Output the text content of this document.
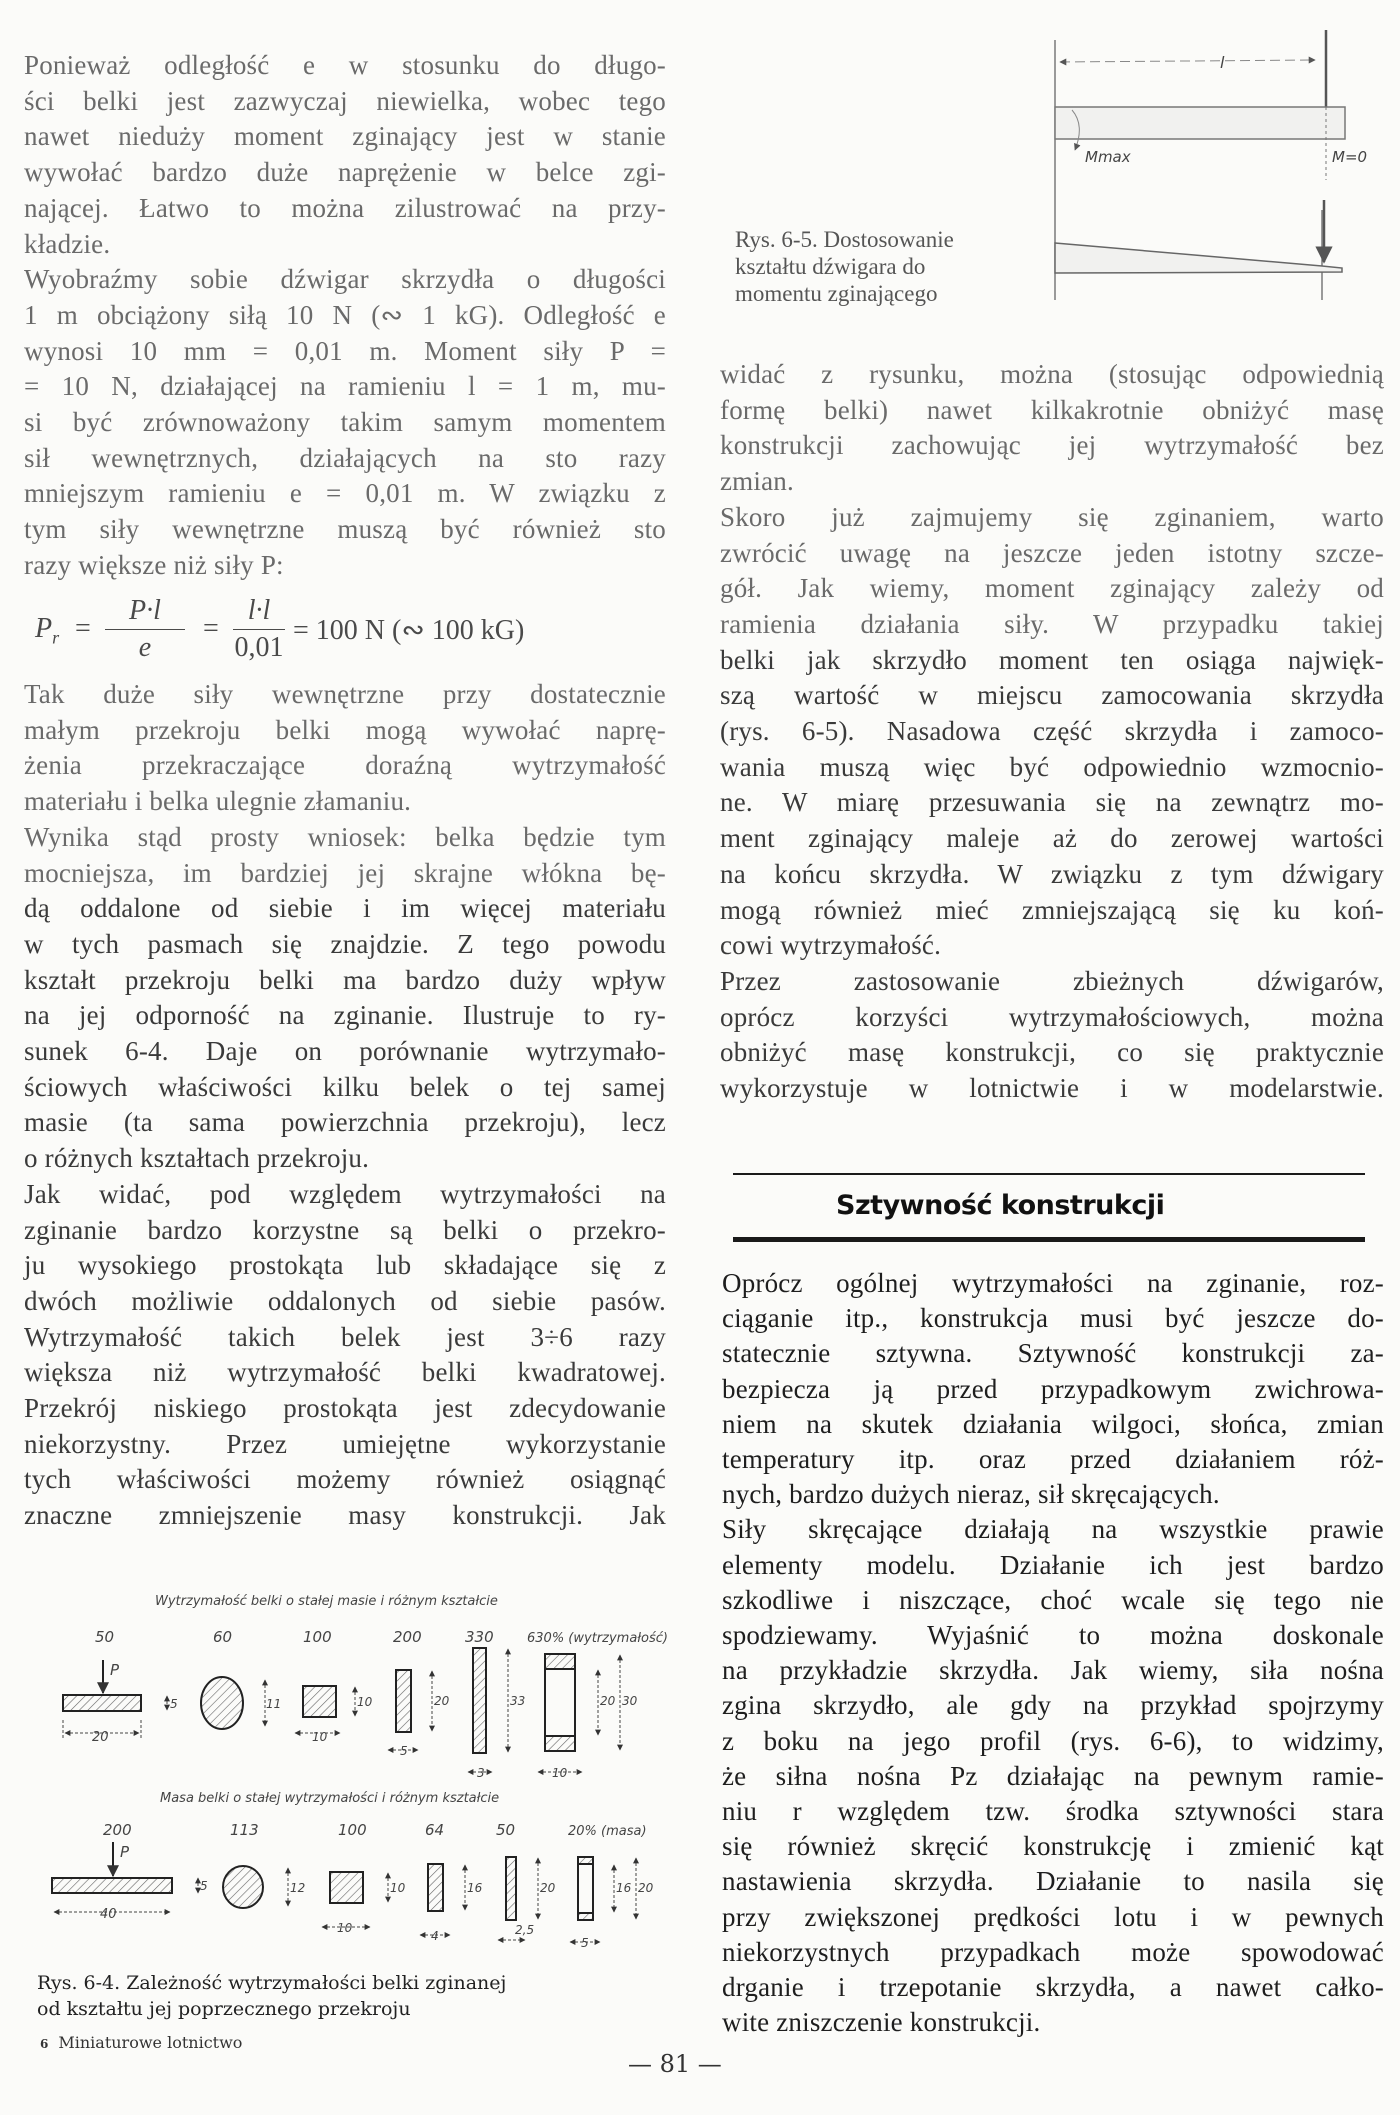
Ponieważ odległość e w stosunku do długo-
ści belki jest zazwyczaj niewielka, wobec tego
nawet nieduży moment zginający jest w stanie
wywołać bardzo duże naprężenie w belce zgi-
nającej. Łatwo to można zilustrować na przy-
kładzie.
Wyobraźmy sobie dźwigar skrzydła o długości
1 m obciążony siłą 10 N (∾ 1 kG). Odległość e
wynosi 10 mm = 0,01 m. Moment siły P =
= 10 N, działającej na ramieniu l = 1 m, mu-
si być zrównoważony takim samym momentem
sił wewnętrznych, działających na sto razy
mniejszym ramieniu e = 0,01 m. W związku z
tym siły wewnętrzne muszą być również sto
razy większe niż siły P:
$P_r$ =
P·l
e
=
l·l
0,01
= 100 N (∾ 100 kG)
Tak duże siły wewnętrzne przy dostatecznie
małym przekroju belki mogą wywołać naprę-
żenia przekraczające doraźną wytrzymałość
materiału i belka ulegnie złamaniu.
Wynika stąd prosty wniosek: belka będzie tym
mocniejsza, im bardziej jej skrajne włókna bę-
dą oddalone od siebie i im więcej materiału
w tych pasmach się znajdzie. Z tego powodu
kształt przekroju belki ma bardzo duży wpływ
na jej odporność na zginanie. Ilustruje to ry-
sunek 6-4. Daje on porównanie wytrzymało-
ściowych właściwości kilku belek o tej samej
masie (ta sama powierzchnia przekroju), lecz
o różnych kształtach przekroju.
Jak widać, pod względem wytrzymałości na
zginanie bardzo korzystne są belki o przekro-
ju wysokiego prostokąta lub składające się z
dwóch możliwie oddalonych od siebie pasów.
Wytrzymałość takich belek jest 3÷6 razy
większa niż wytrzymałość belki kwadratowej.
Przekrój niskiego prostokąta jest zdecydowanie
niekorzystny. Przez umiejętne wykorzystanie
tych właściwości możemy również osiągnąć
znaczne zmniejszenie masy konstrukcji. Jak
Wytrzymałość belki o stałej masie i różnym kształcie
50	60	100	200	330	630% (wytrzymałość)
P
20
5	11	10
10
20
5
33
3
20 30
10
Masa belki o stałej wytrzymałości i różnym kształcie
200	113	100	64	50	20% (masa)
P
40
5	12	10
10
16
4
20
2,5
16 20
5
Rys. 6-4. Zależność wytrzymałości belki zginanej
od kształtu jej poprzecznego przekroju
l
Mmax	M=0
Rys. 6-5. Dostosowanie
kształtu dźwigara do
momentu zginającego
widać z rysunku, można (stosując odpowiednią
formę belki) nawet kilkakrotnie obniżyć masę
konstrukcji zachowując jej wytrzymałość bez
zmian.
Skoro już zajmujemy się zginaniem, warto
zwrócić uwagę na jeszcze jeden istotny szcze-
gół. Jak wiemy, moment zginający zależy od
ramienia działania siły. W przypadku takiej
belki jak skrzydło moment ten osiąga najwięk-
szą wartość w miejscu zamocowania skrzydła
(rys. 6-5). Nasadowa część skrzydła i zamoco-
wania muszą więc być odpowiednio wzmocnio-
ne. W miarę przesuwania się na zewnątrz mo-
ment zginający maleje aż do zerowej wartości
na końcu skrzydła. W związku z tym dźwigary
mogą również mieć zmniejszającą się ku koń-
cowi wytrzymałość.
Przez zastosowanie zbieżnych dźwigarów,
oprócz korzyści wytrzymałościowych, można
obniżyć masę konstrukcji, co się praktycznie
wykorzystuje w lotnictwie i w modelarstwie.
Sztywność konstrukcji
Oprócz ogólnej wytrzymałości na zginanie, roz-
ciąganie itp., konstrukcja musi być jeszcze do-
statecznie sztywna. Sztywność konstrukcji za-
bezpiecza ją przed przypadkowym zwichrowa-
niem na skutek działania wilgoci, słońca, zmian
temperatury itp. oraz przed działaniem róż-
nych, bardzo dużych nieraz, sił skręcających.
Siły skręcające działają na wszystkie prawie
elementy modelu. Działanie ich jest bardzo
szkodliwe i niszczące, choć wcale się tego nie
spodziewamy. Wyjaśnić to można doskonale
na przykładzie skrzydła. Jak wiemy, siła nośna
zgina skrzydło, ale gdy na przykład spojrzymy
z boku na jego profil (rys. 6-6), to widzimy,
że siłna nośna Pz działając na pewnym ramie-
niu r względem tzw. środka sztywności stara
się również skręcić konstrukcję i zmienić kąt
nastawienia skrzydła. Działanie to nasila się
przy zwiększonej prędkości lotu i w pewnych
niekorzystnych przypadkach może spowodować
drganie i trzepotanie skrzydła, a nawet całko-
wite zniszczenie konstrukcji.
6 Miniaturowe lotnictwo
— 81 —
